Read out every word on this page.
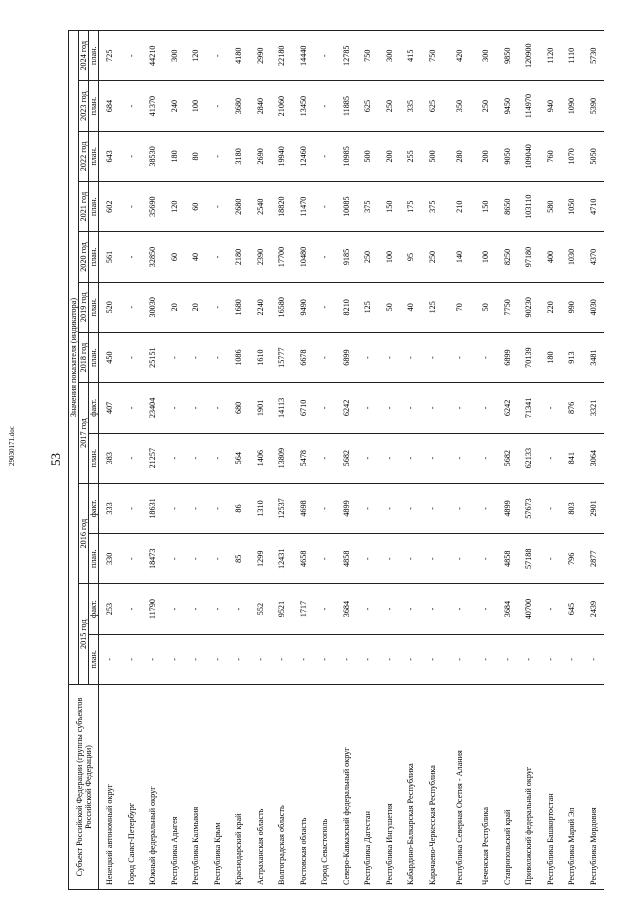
53
29030171.doc
Субъект Российской Федерации (группы субъектов Российской Федерации)	Значения показателя (индикатора)												
	2015 год		2016 год		2017 год		2018 год	2019 год	2020 год	2021 год	2022 год	2023 год	2024 год
	план.	факт.	план.	факт.	план.	факт.	план.	план.	план.	план.	план.	план.	план.
Ненецкий автономный округ	-	253	330	333	383	407	450	520	561	602	643	684	725
Город Санкт-Петербург	-	-	-	-	-	-	-	-	-	-	-	-	-
Южный федеральный округ	-	11790	18473	18631	21257	23404	25151	30030	32850	35690	38530	41370	44210
Республика Адыгея	-	-	-	-	-	-	-	20	60	120	180	240	300
Республика Калмыкия	-	-	-	-	-	-	-	20	40	60	80	100	120
Республика Крым	-	-	-	-	-	-	-	-	-	-	-	-	-
Краснодарский край	-	-	85	86	564	680	1086	1680	2180	2680	3180	3680	4180
Астраханская область	-	552	1299	1310	1406	1901	1610	2240	2390	2540	2690	2840	2990
Волгоградская область	-	9521	12431	12537	13809	14113	15777	16580	17700	18820	19940	21060	22180
Ростовская область	-	1717	4658	4698	5478	6710	6678	9490	10480	11470	12460	13450	14440
Город Севастополь	-	-	-	-	-	-	-	-	-	-	-	-	-
Северо-Кавказский федеральный округ	-	3684	4858	4899	5682	6242	6899	8210	9185	10085	10985	11885	12785
Республика Дагестан	-	-	-	-	-	-	-	125	250	375	500	625	750
Республика Ингушетия	-	-	-	-	-	-	-	50	100	150	200	250	300
Кабардино-Балкарская Республика	-	-	-	-	-	-	-	40	95	175	255	335	415
Карачаево-Черкесская Республика	-	-	-	-	-	-	-	125	250	375	500	625	750
Республика Северная Осетия - Алания	-	-	-	-	-	-	-	70	140	210	280	350	420
Чеченская Республика	-	-	-	-	-	-	-	50	100	150	200	250	300
Ставропольский край	-	3684	4858	4899	5682	6242	6899	7750	8250	8650	9050	9450	9850
Приволжский федеральный округ	-	40700	57188	57673	62133	71341	70139	90230	97180	103110	109040	114970	120900
Республика Башкортостан	-	-	-	-	-	-	180	220	400	580	760	940	1120
Республика Марий Эл	-	645	796	803	841	876	913	990	1030	1050	1070	1090	1110
Республика Мордовия	-	2439	2877	2901	3064	3321	3481	4030	4370	4710	5050	5390	5730
